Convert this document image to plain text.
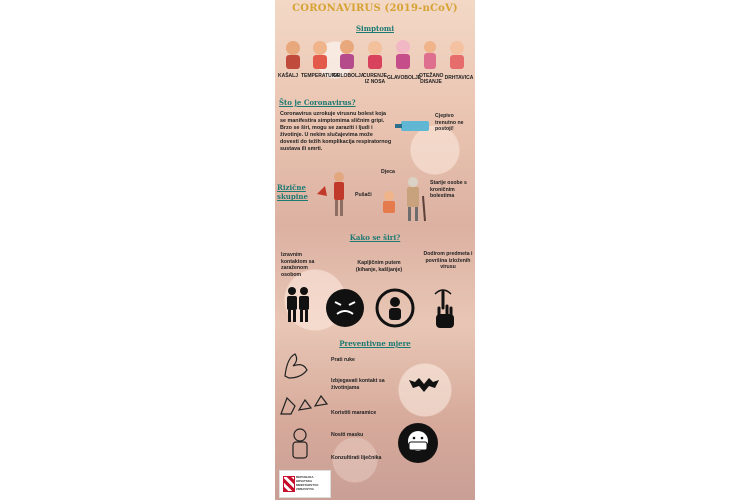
CORONAVIRUS (2019-nCoV)
Simptomi
KAŠALJ TEMPERATURA
GRLOBOLJA
CURENJE IZ NOSA
GLAVOBOLJE
OTEŽANO DISANJE
DRHTAVICA
Što je Coronavirus?
Coronavirus uzrokuje virusnu bolest koja se manifestira simptomima sličnim gripi. Brzo se širi, mogu se zaraziti i ljudi i životinje. U nekim slučajevima može dovesti do težih komplikacija respiratornog sustava ili smrti.
Cjepivo trenutno ne postoji!
Rizične skupine	Pušači
Djeca
Starije osobe s kroničnim bolestima
Kako se širi?
Izravnim kontaktom sa zaraženom osobom
Kapljičnim putem (kihanje, kašljanje)
Dodirom predmeta i površina izloženih virusu
Preventivne mjere
Prati ruke
Izbjegavati kontakt sa životinjama
Koristiti maramice
Nositi masku
Konzultirati liječnika
REPUBLIKA HRVATSKA MINISTARSTVO ZDRAVSTVA
